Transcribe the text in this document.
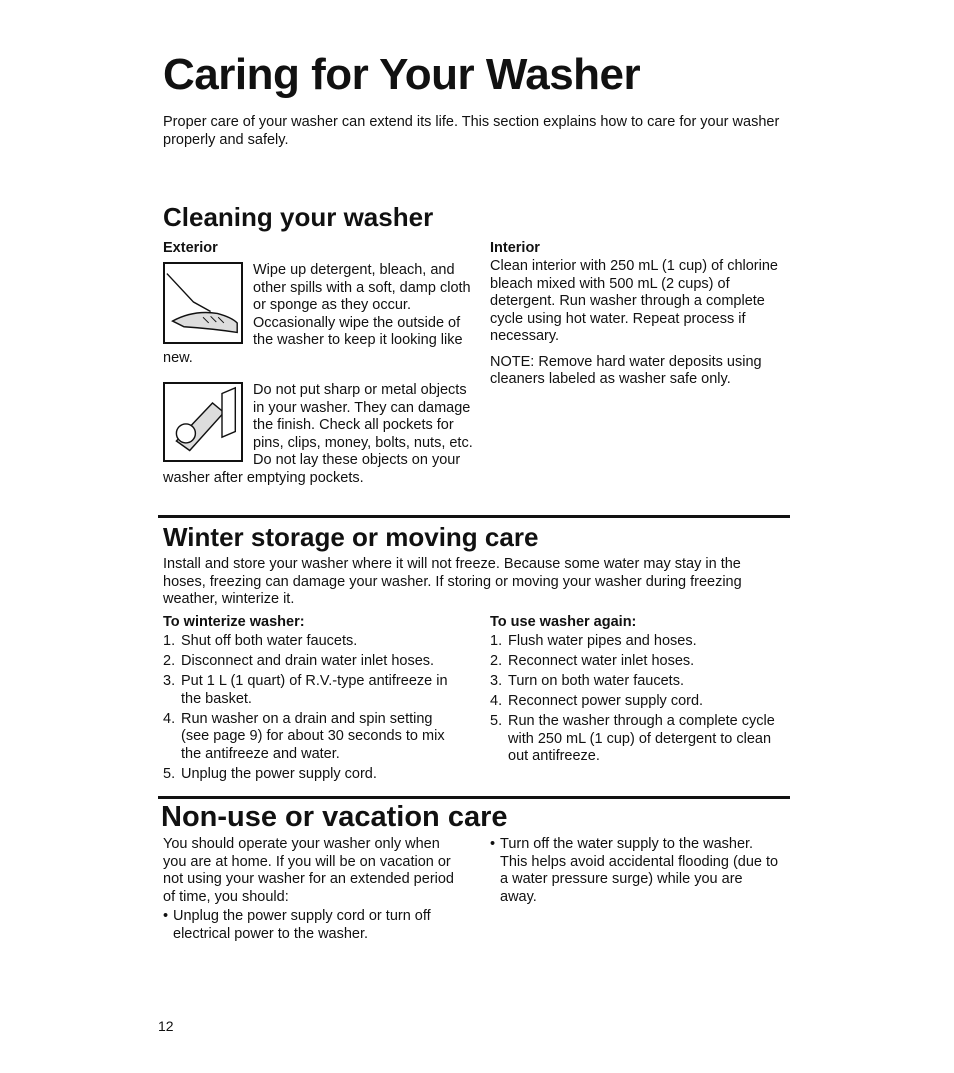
Caring for Your Washer

Proper care of your washer can extend its life. This section explains how to care for your washer properly and safely.

Cleaning your washer
Exterior

Wipe up detergent, bleach, and other spills with a soft, damp cloth or sponge as they occur. Occasionally wipe the outside of the washer to keep it looking like new.

Do not put sharp or metal objects in your washer. They can damage the finish. Check all pockets for pins, clips, money, bolts, nuts, etc. Do not lay these objects on your washer after emptying pockets.

Interior

Clean interior with 250 mL (1 cup) of chlorine bleach mixed with 500 mL (2 cups) of detergent. Run washer through a complete cycle using hot water. Repeat process if necessary.

NOTE: Remove hard water deposits using cleaners labeled as washer safe only.

Winter storage or moving care

Install and store your washer where it will not freeze. Because some water may stay in the hoses, freezing can damage your washer. If storing or moving your washer during freezing weather, winterize it.

To winterize washer:
1. Shut off both water faucets.
2. Disconnect and drain water inlet hoses.
3. Put 1 L (1 quart) of R.V.-type antifreeze in the basket.
4. Run washer on a drain and spin setting (see page 9) for about 30 seconds to mix the antifreeze and water.
5. Unplug the power supply cord.
To use washer again:
1. Flush water pipes and hoses.
2. Reconnect water inlet hoses.
3. Turn on both water faucets.
4. Reconnect power supply cord.
5. Run the washer through a complete cycle with 250 mL (1 cup) of detergent to clean out antifreeze.
Non-use or vacation care

You should operate your washer only when you are at home. If you will be on vacation or not using your washer for an extended period of time, you should:

• Unplug the power supply cord or turn off electrical power to the washer.

• Turn off the water supply to the washer. This helps avoid accidental flooding (due to a water pressure surge) while you are away.

12
